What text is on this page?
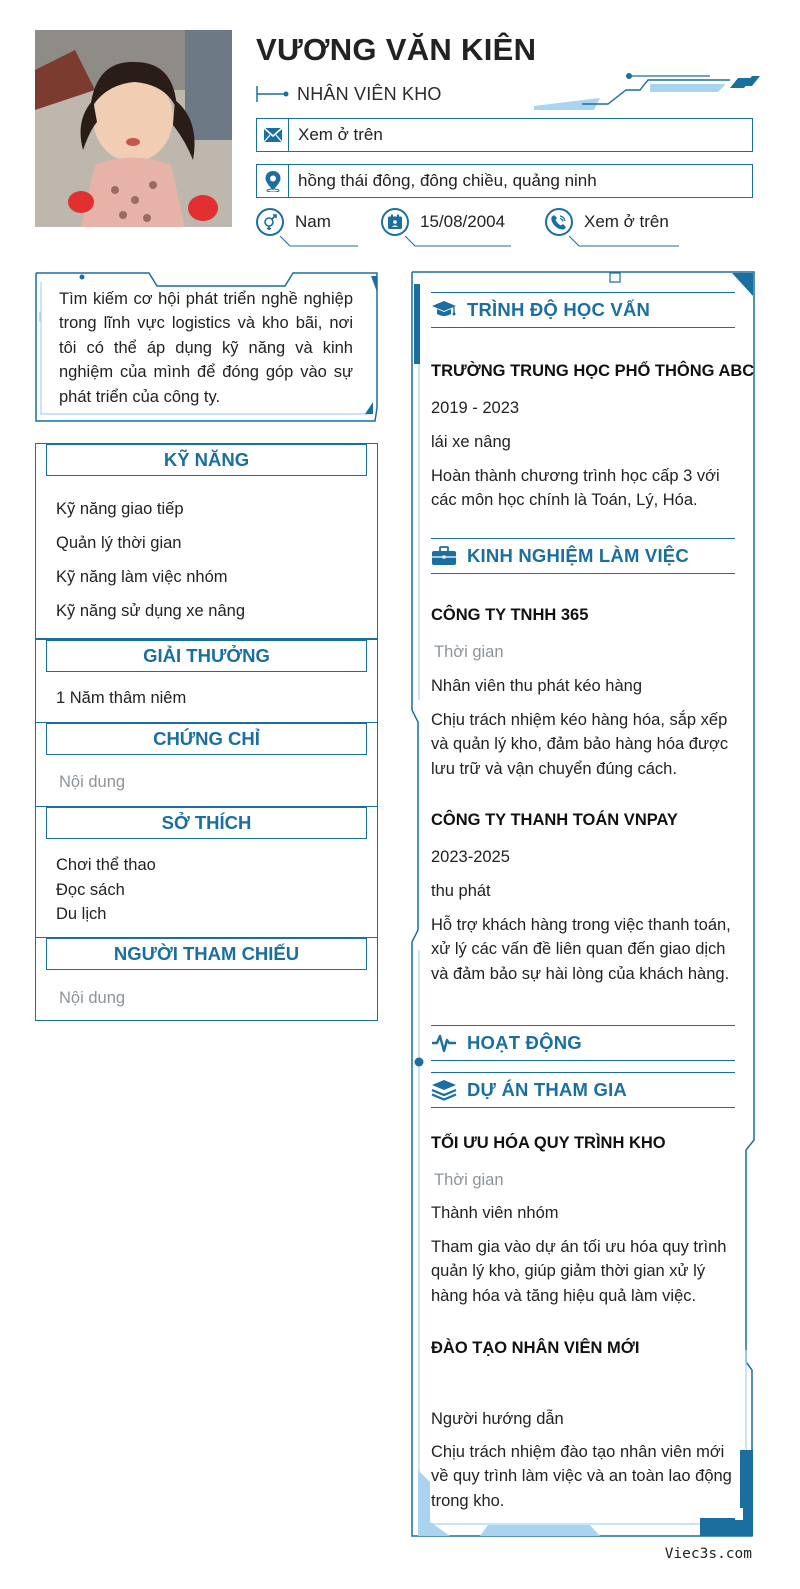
VƯƠNG VĂN KIÊN
NHÂN VIÊN KHO
Xem ở trên
hồng thái đông, đông chiều, quảng ninh
Nam	15/08/2004	Xem ở trên

Tìm kiếm cơ hội phát triển nghề nghiệp trong lĩnh vực logistics và kho bãi, nơi tôi có thể áp dụng kỹ năng và kinh nghiệm của mình để đóng góp vào sự phát triển của công ty.

KỸ NĂNG
Kỹ năng giao tiếp
Quản lý thời gian
Kỹ năng làm việc nhóm
Kỹ năng sử dụng xe nâng
GIẢI THƯỞNG
1 Năm thâm niêm
CHỨNG CHỈ
Nội dung
SỞ THÍCH
Chơi thể thao
Đọc sách
Du lịch
NGƯỜI THAM CHIẾU
Nội dung
TRÌNH ĐỘ HỌC VẤN
TRƯỜNG TRUNG HỌC PHỔ THÔNG ABC
2019 - 2023
lái xe nâng

Hoàn thành chương trình học cấp 3 với các môn học chính là Toán, Lý, Hóa.

KINH NGHIỆM LÀM VIỆC
CÔNG TY TNHH 365
Thời gian
Nhân viên thu phát kéo hàng

Chịu trách nhiệm kéo hàng hóa, sắp xếp và quản lý kho, đảm bảo hàng hóa được lưu trữ và vận chuyển đúng cách.

CÔNG TY THANH TOÁN VNPAY
2023-2025
thu phát

Hỗ trợ khách hàng trong việc thanh toán, xử lý các vấn đề liên quan đến giao dịch và đảm bảo sự hài lòng của khách hàng.

HOẠT ĐỘNG
DỰ ÁN THAM GIA
TỐI ƯU HÓA QUY TRÌNH KHO
Thời gian
Thành viên nhóm

Tham gia vào dự án tối ưu hóa quy trình quản lý kho, giúp giảm thời gian xử lý hàng hóa và tăng hiệu quả làm việc.

ĐÀO TẠO NHÂN VIÊN MỚI
Người hướng dẫn

Chịu trách nhiệm đào tạo nhân viên mới về quy trình làm việc và an toàn lao động trong kho.

Viec3s.com
